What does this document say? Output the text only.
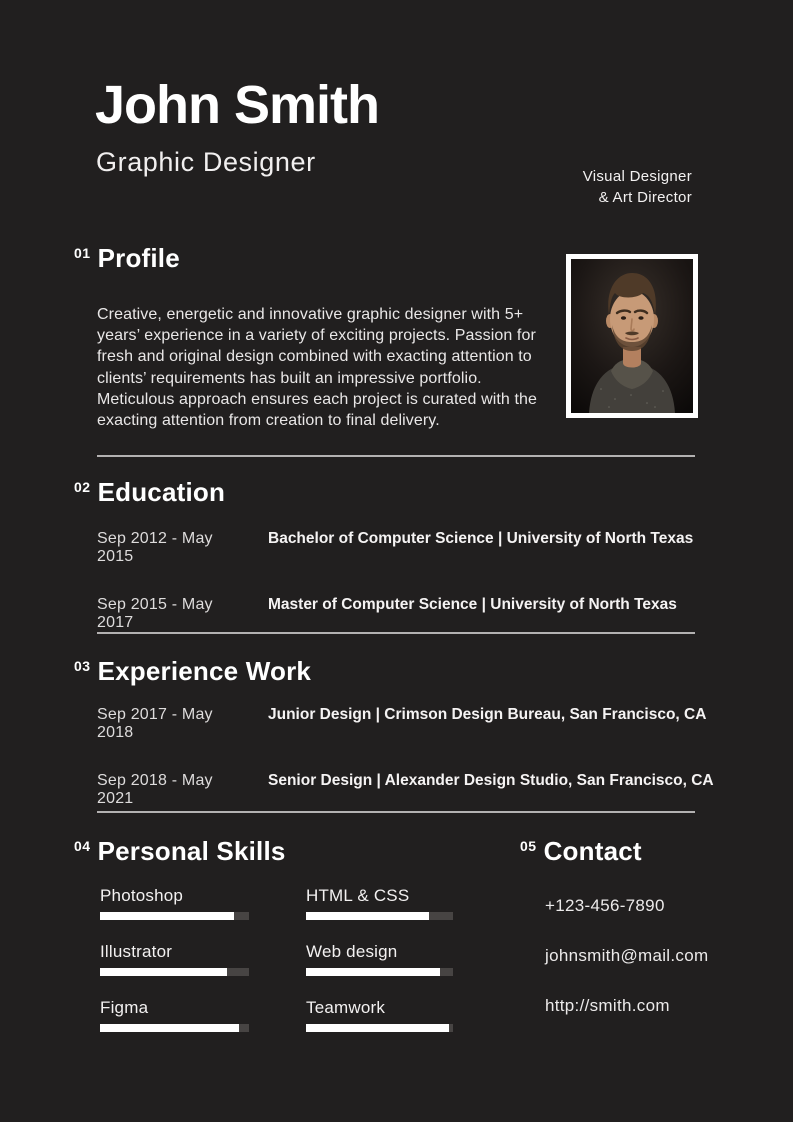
John Smith
Graphic Designer	Visual Designer
& Art Director
01 Profile

Creative, energetic and innovative graphic designer with 5+ years’ experience in a variety of exciting projects. Passion for fresh and original design combined with exacting attention to clients’ requirements has built an impressive portfolio. Meticulous approach ensures each project is curated with the exacting attention from creation to final delivery.

02 Education
Sep 2012 - May 2015
Bachelor of Computer Science | University of North Texas
Sep 2015 - May 2017
Master of Computer Science | University of North Texas
03 Experience Work
Sep 2017 - May 2018
Junior Design | Crimson Design Bureau, San Francisco, CA
Sep 2018 - May 2021
Senior Design | Alexander Design Studio, San Francisco, CA
04 Personal Skills
Photoshop
Illustrator
Figma
HTML & CSS
Web design
Teamwork
05 Contact
+123-456-7890
johnsmith@mail.com
http://smith.com
